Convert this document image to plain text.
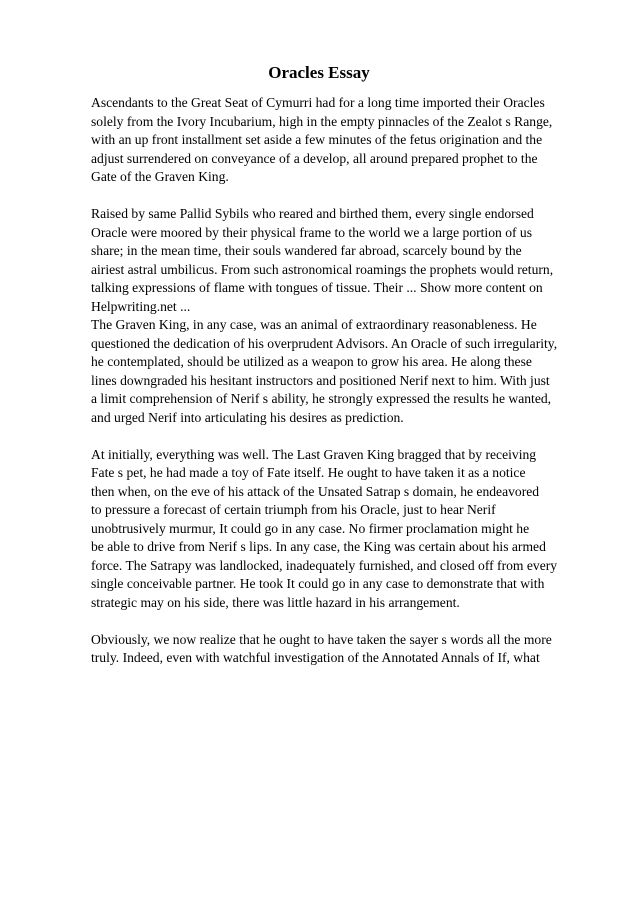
Oracles Essay

Ascendants to the Great Seat of Cymurri had for a long time imported their Oracles
solely from the Ivory Incubarium, high in the empty pinnacles of the Zealot s Range,
with an up front installment set aside a few minutes of the fetus origination and the
adjust surrendered on conveyance of a develop, all around prepared prophet to the
Gate of the Graven King.

Raised by same Pallid Sybils who reared and birthed them, every single endorsed
Oracle were moored by their physical frame to the world we a large portion of us
share; in the mean time, their souls wandered far abroad, scarcely bound by the
airiest astral umbilicus. From such astronomical roamings the prophets would return,
talking expressions of flame with tongues of tissue. Their ... Show more content on
Helpwriting.net ...

The Graven King, in any case, was an animal of extraordinary reasonableness. He
questioned the dedication of his overprudent Advisors. An Oracle of such irregularity,
he contemplated, should be utilized as a weapon to grow his area. He along these
lines downgraded his hesitant instructors and positioned Nerif next to him. With just
a limit comprehension of Nerif s ability, he strongly expressed the results he wanted,
and urged Nerif into articulating his desires as prediction.

At initially, everything was well. The Last Graven King bragged that by receiving
Fate s pet, he had made a toy of Fate itself. He ought to have taken it as a notice
then when, on the eve of his attack of the Unsated Satrap s domain, he endeavored
to pressure a forecast of certain triumph from his Oracle, just to hear Nerif
unobtrusively murmur, It could go in any case. No firmer proclamation might he
be able to drive from Nerif s lips. In any case, the King was certain about his armed
force. The Satrapy was landlocked, inadequately furnished, and closed off from every
single conceivable partner. He took It could go in any case to demonstrate that with
strategic may on his side, there was little hazard in his arrangement.

Obviously, we now realize that he ought to have taken the sayer s words all the more
truly. Indeed, even with watchful investigation of the Annotated Annals of If, what
